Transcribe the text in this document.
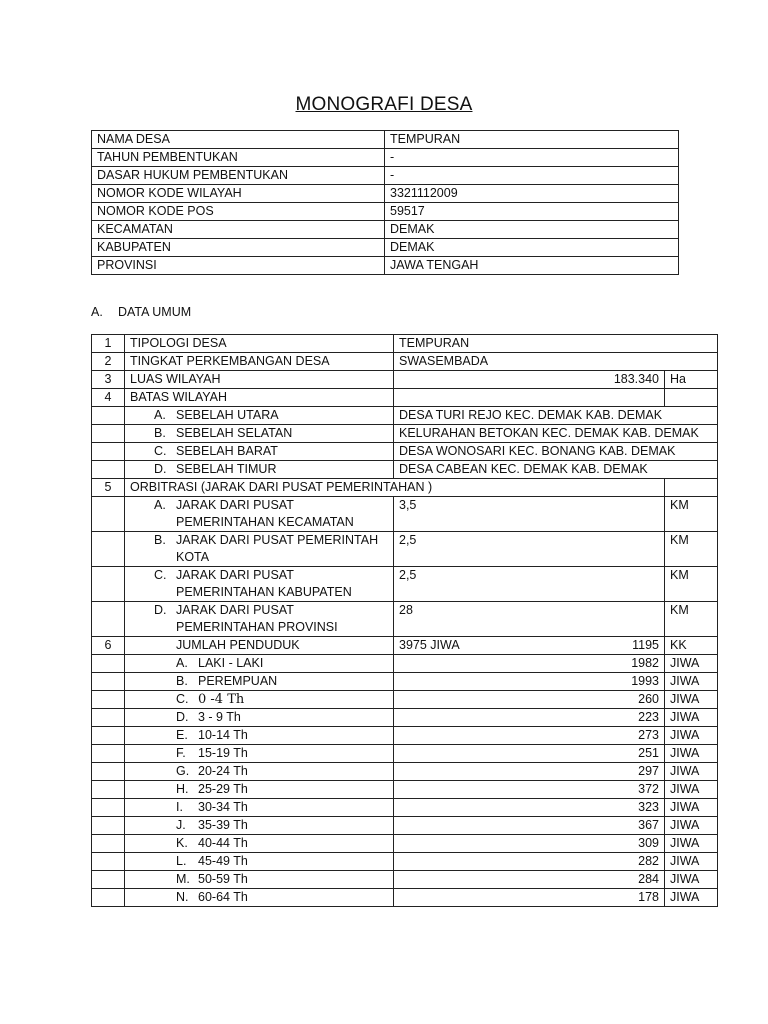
MONOGRAFI DESA
NAMA DESA	TEMPURAN
TAHUN PEMBENTUKAN	-
DASAR HUKUM PEMBENTUKAN	-
NOMOR KODE WILAYAH	3321112009
NOMOR KODE POS	59517
KECAMATAN	DEMAK
KABUPATEN	DEMAK
PROVINSI	JAWA TENGAH
A. DATA UMUM
1	TIPOLOGI DESA	TEMPURAN	
2	TINGKAT PERKEMBANGAN DESA	SWASEMBADA	
3	LUAS WILAYAH	183.340	Ha
4	BATAS WILAYAH		

	A. SEBELAH UTARA	DESA TURI REJO KEC. DEMAK KAB. DEMAK	

	B. SEBELAH SELATAN	KELURAHAN BETOKAN KEC. DEMAK KAB. DEMAK	

	C. SEBELAH BARAT	DESA WONOSARI KEC. BONANG KAB. DEMAK	

	D. SEBELAH TIMUR	DESA CABEAN KEC. DEMAK KAB. DEMAK	
5	ORBITRASI (JARAK DARI PUSAT PEMERINTAHAN )		

	A. JARAK DARI PUSAT PEMERINTAHAN KECAMATAN	3,5	KM

	B. JARAK DARI PUSAT PEMERINTAH KOTA	2,5	KM

	C. JARAK DARI PUSAT PEMERINTAHAN KABUPATEN	2,5	KM

	D. JARAK DARI PUSAT PEMERINTAHAN PROVINSI	28	KM
6	JUMLAH PENDUDUK	3975 JIWA 1195	KK

	A. LAKI - LAKI	1982	JIWA

	B. PEREMPUAN	1993	JIWA

	C. 0 -4 Th	260	JIWA

	D. 3 - 9 Th	223	JIWA

	E. 10-14 Th	273	JIWA

	F. 15-19 Th	251	JIWA

	G. 20-24 Th	297	JIWA

	H. 25-29 Th	372	JIWA

	I. 30-34 Th	323	JIWA

	J. 35-39 Th	367	JIWA

	K. 40-44 Th	309	JIWA

	L. 45-49 Th	282	JIWA

	M. 50-59 Th	284	JIWA

	N. 60-64 Th	178	JIWA
